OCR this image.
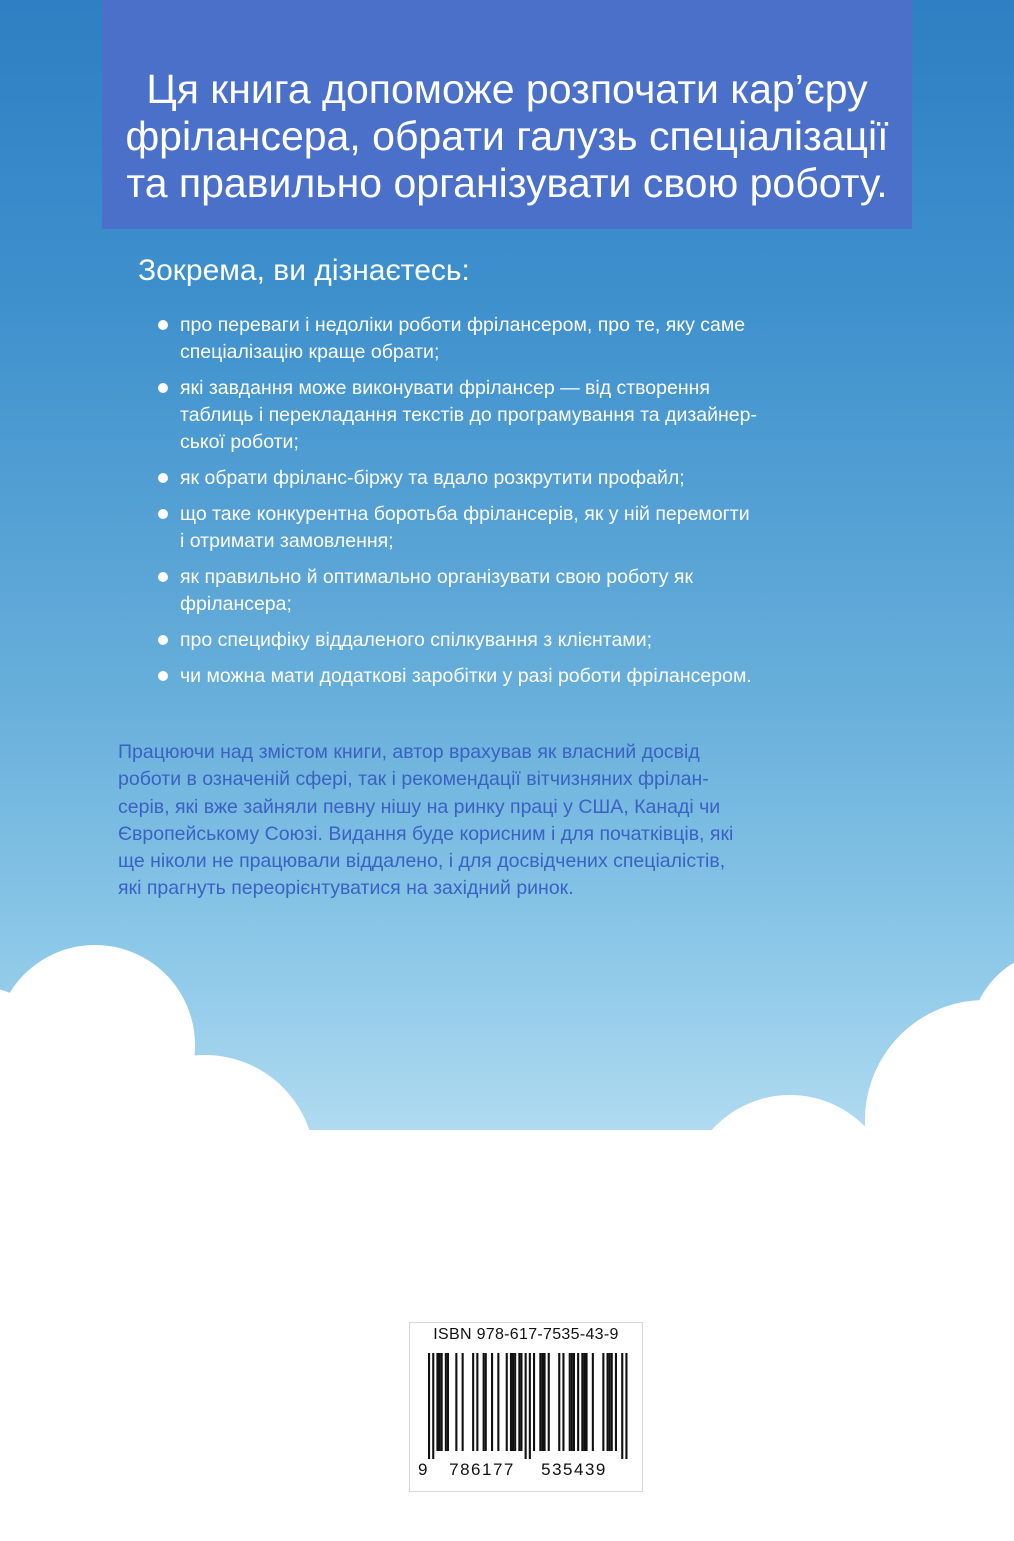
Ця книга допоможе розпочати кар’єру
фрілансера, обрати галузь спеціалізації
та правильно організувати свою роботу.
Зокрема, ви дізнаєтесь:
про переваги і недоліки роботи фрілансером, про те, яку саме
спеціалізацію краще обрати;
які завдання може виконувати фрілансер — від створення
таблиць і перекладання текстів до програмування та дизайнер-
ської роботи;
як обрати фріланс-біржу та вдало розкрутити профайл;
що таке конкурентна боротьба фрілансерів, як у ній перемогти
і отримати замовлення;
як правильно й оптимально організувати свою роботу як
фрілансера;
про специфіку віддаленого спілкування з клієнтами;
чи можна мати додаткові заробітки у разі роботи фрілансером.

Працюючи над змістом книги, автор врахував як власний досвід
роботи в означеній сфері, так і рекомендації вітчизняних фрілан-
серів, які вже зайняли певну нішу на ринку праці у США, Канаді чи
Європейському Союзі. Видання буде корисним і для початківців, які
ще ніколи не працювали віддалено, і для досвідчених спеціалістів,
які прагнуть переорієнтуватися на західний ринок.

ISBN 978-617-7535-43-9
9 786177 535439
